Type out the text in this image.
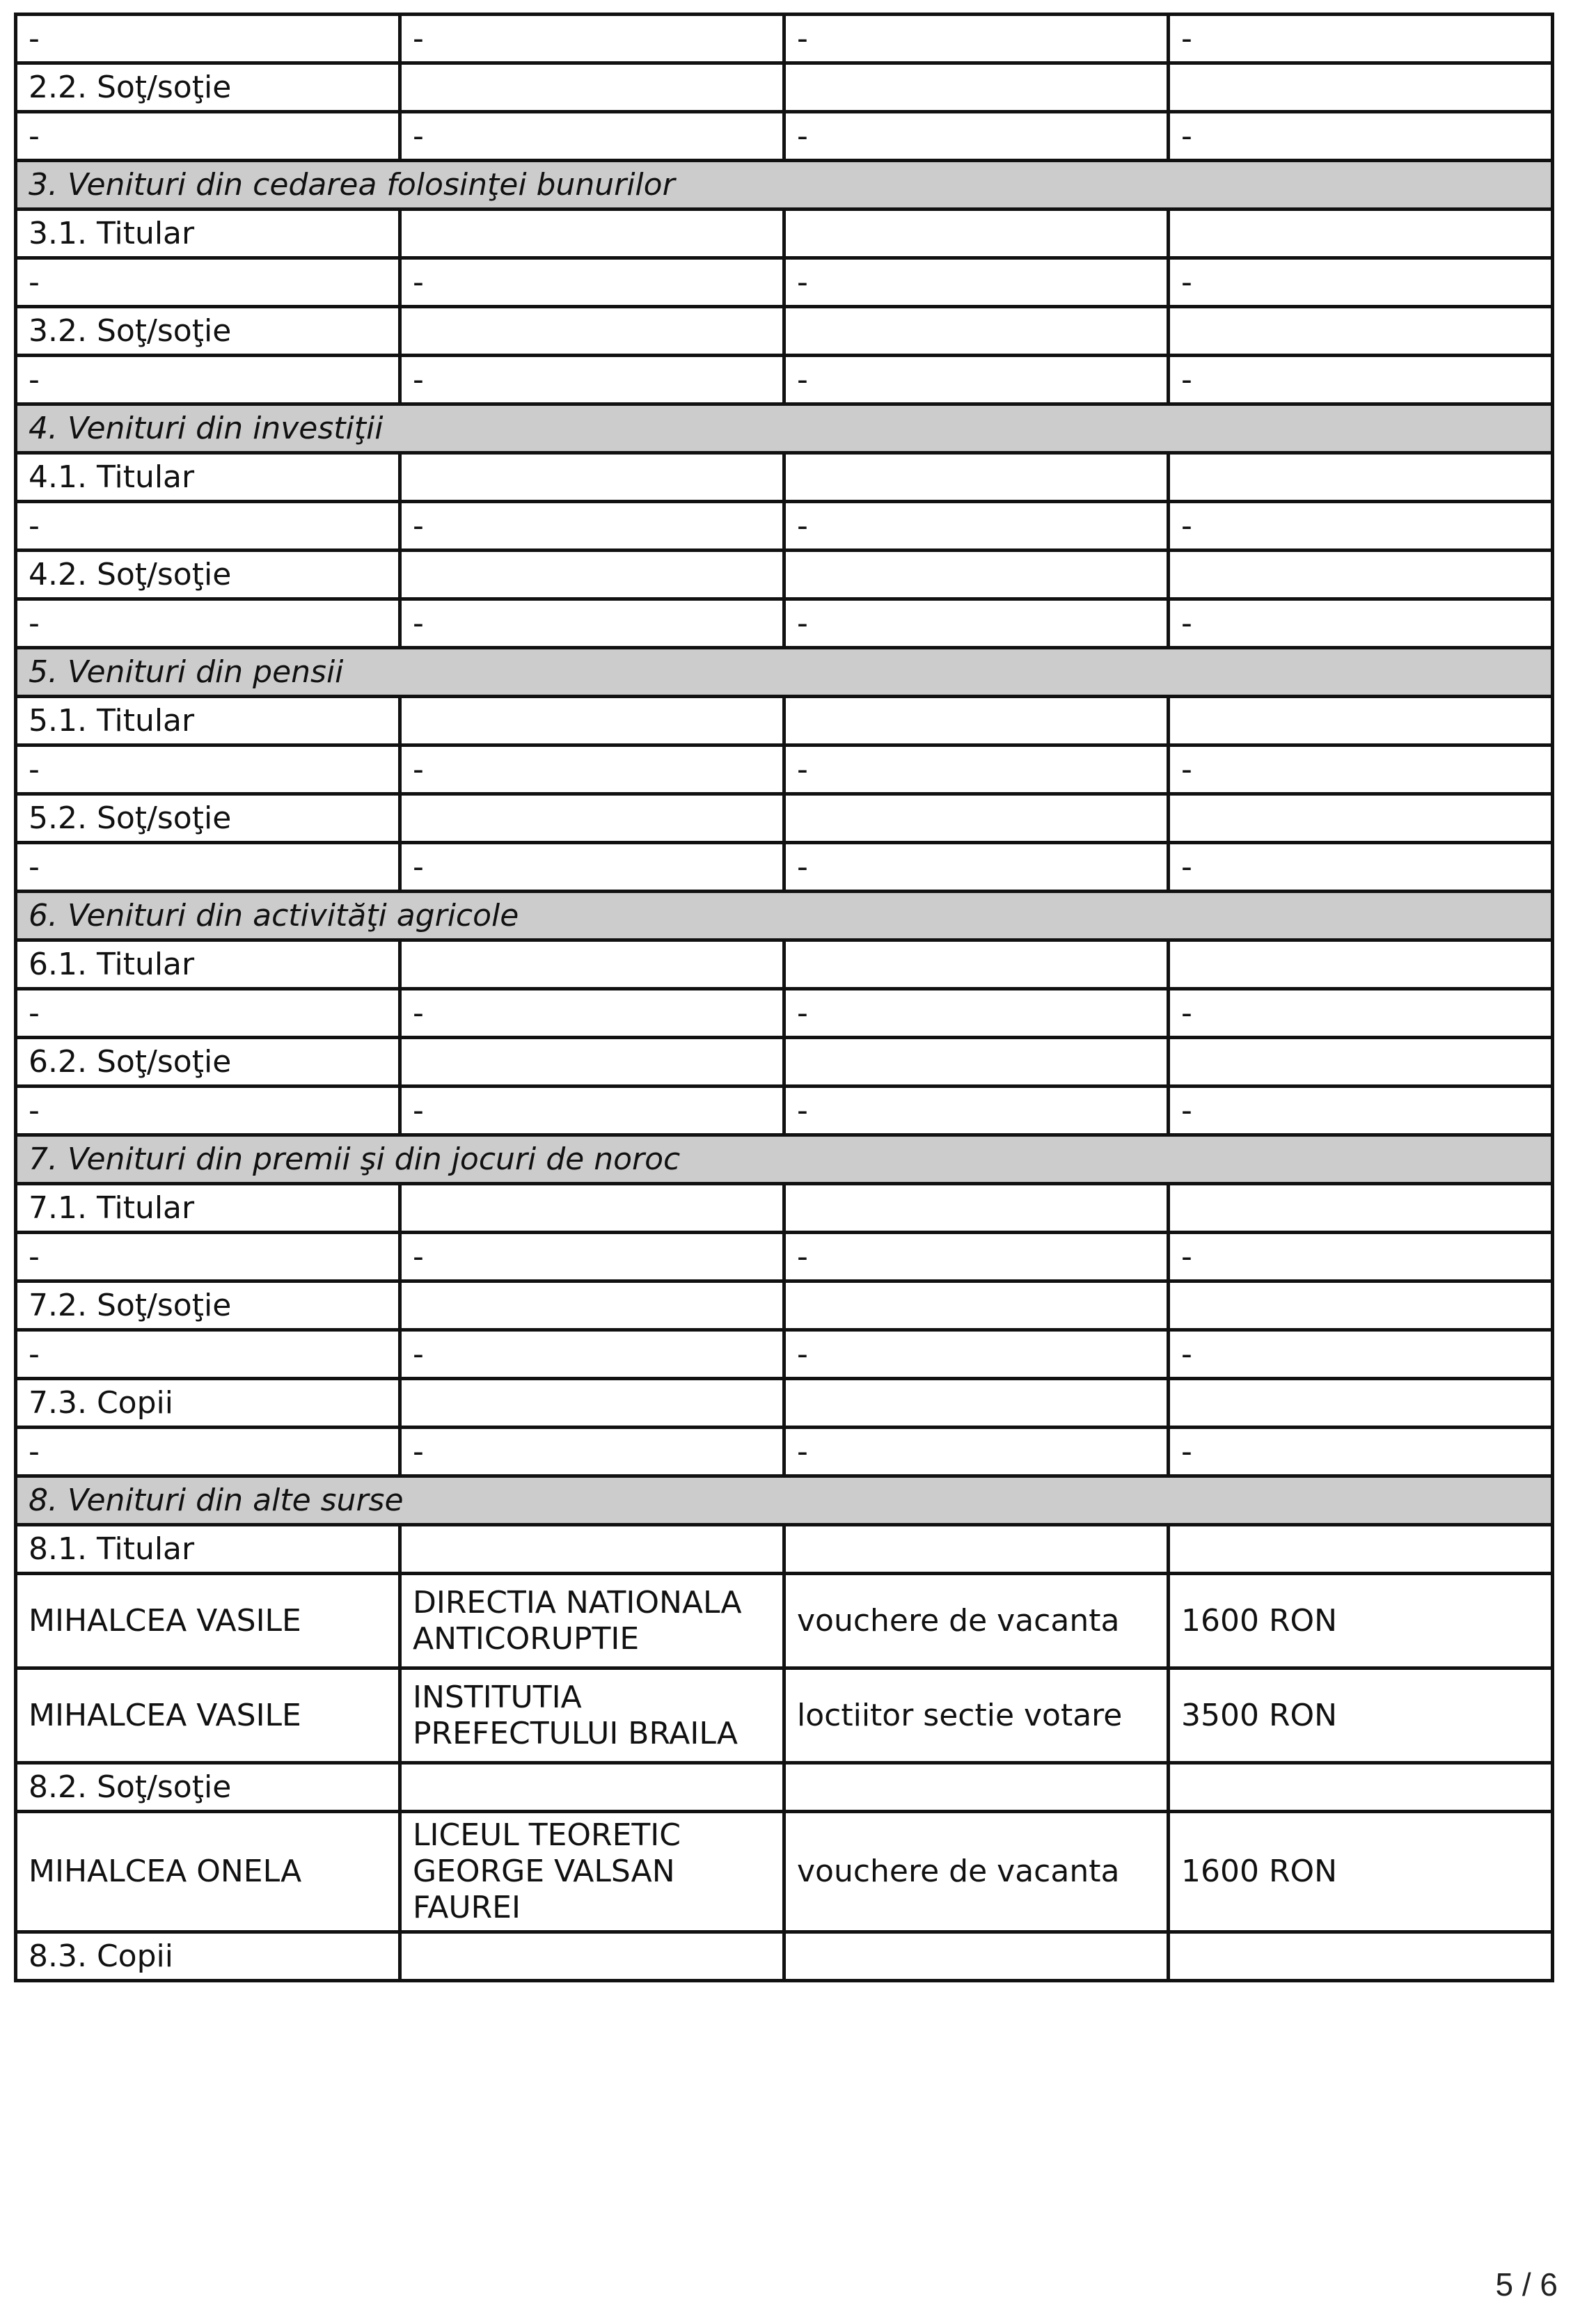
-	-	-	-
2.2. Soţ/soţie			
-	-	-	-
3. Venituri din cedarea folosinţei bunurilor			
3.1. Titular			
-	-	-	-
3.2. Soţ/soţie			
-	-	-	-
4. Venituri din investiţii			
4.1. Titular			
-	-	-	-
4.2. Soţ/soţie			
-	-	-	-
5. Venituri din pensii			
5.1. Titular			
-	-	-	-
5.2. Soţ/soţie			
-	-	-	-
6. Venituri din activităţi agricole			
6.1. Titular			
-	-	-	-
6.2. Soţ/soţie			
-	-	-	-
7. Venituri din premii şi din jocuri de noroc			
7.1. Titular			
-	-	-	-
7.2. Soţ/soţie			
-	-	-	-
7.3. Copii			
-	-	-	-
8. Venituri din alte surse			
8.1. Titular			
MIHALCEA VASILE	DIRECTIA NATIONALA ANTICORUPTIE	vouchere de vacanta	1600 RON
MIHALCEA VASILE	INSTITUTIA PREFECTULUI BRAILA	loctiitor sectie votare	3500 RON
8.2. Soţ/soţie			
MIHALCEA ONELA	LICEUL TEORETIC GEORGE VALSAN FAUREI	vouchere de vacanta	1600 RON
8.3. Copii			
5 / 6
